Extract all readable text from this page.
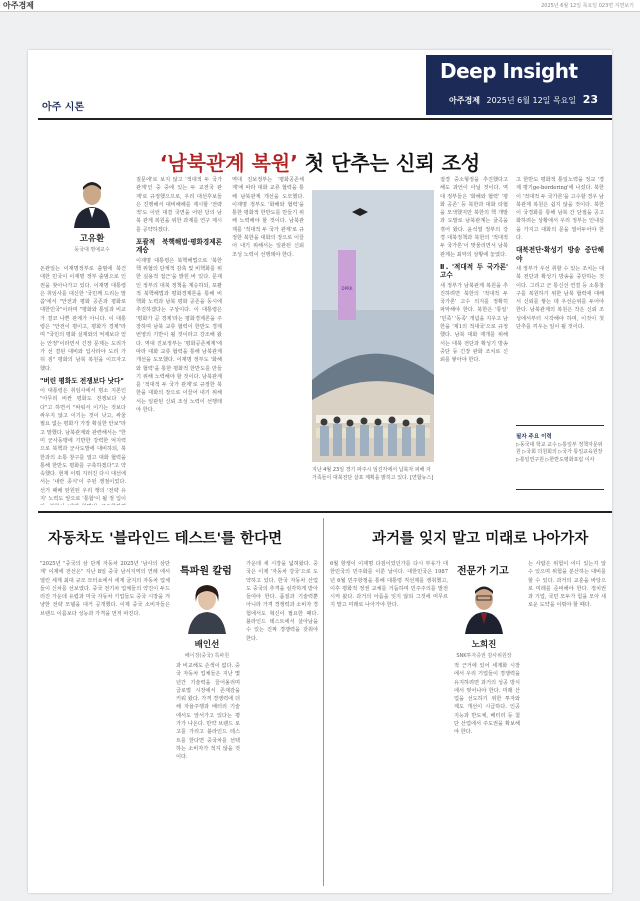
아주경제	2025년 6월 12일 목요일 023면 지면보기
Deep Insight
아주경제 2025년 6월 12일 목요일 23
아주 시론
‘남북관계 복원’ 첫 단추는 신뢰 조성
고유환
동국대 명예교수
돈관일는 이재명정부로 출범에 북건 대한 민국이 이재명 정부 출범으로 인권을 찾아나가고 있다. 이재명 대통령은 취임사를 대신한 '국민께 드리는 말씀'에서 "안전과 평화 공존과 평화로 대한민국"이라며 "평화와 통일과 비교가 결코 나쁜 관계가 아니다. 이 대통령은 "안전이 평이고, 평화가 경제"라며 "국민의 평화 실재와의 억제보다 얻는 안정"이라면서 긴장 문제는 도리가 가 선 결된 대비와 입사라야 도리 가 뒤 짐" 평화의 남북 복원을 이끄자고 했다.
"버린 평화도 전쟁보다 낫다"
이 대통령은 취임사에서 평소 지론인 "아무리 비싼 평화도 전쟁보다 낫다"고 하면서 "싸워서 이기는 것보다 싸우지 않고 이기는 것이 낫고, 싸울 필요 없는 평화가 가장 확실한 안보"라고 말했다. 남북관계와 관련해서는 "한미 군사동맹에 기반한 강력한 억지력으로 북핵과 군사도발에 대비하되, 북한과의 소통 창구를 열고 대화 협력을 통해 한반도 평화를 구축하겠다"고 약속했다. 현재 이뤄 지러진 다시 대선에서는 '내란 종식'이 주된 쟁점이었다. 선거 패배 탄원된 우리 행의 '전략 유지' 노력도 앞으로 '통합'이 될 정 입이
질문에'로 보지 않고 '적대적 두 국가관계'인 중 중에 있는 두 교전국 관계'로 규정했으므로, 우리 대선후보들은 진행해서 대비해해를 제시할 '전략적'도 이런 대결 국면을 어떤 당의 남북 관계 복원을 위한 과제를 연구 제시를 공약하겠다.
포괄적 북핵해법·평화경제론 계승
이재명 대통령은 북핵해법으로 '북한 핵 위협의 단계적 감축 및 비핵화를 위한 실용적 접근'을 밝힌 바 있다. 문재인 정부의 대북 정책을 계승하되, 포괄적 북핵해법과 평화경제론을 통해 비핵화 노력과 남북 평화 공존을 동시에 추진하겠다는 구상이다. 이 대통령은 '평화가 곧 경제'라는 평화경제론을 주장하며 남북 교류 협력이 한반도 경제 번영의 기반이 될 것이라고 강조해 왔다. 역대 진보정부는 '평화공존체계'에 따라 대화 교류 협력을 통해 남북관계 개선을 도모했다. 이재명 정부도 '화해와 협력'을 통한 평화적 한반도를 만들기 위해 노력해야 할 것이다. 남북관계를 '적대적 두 국가 관계'로 규정한 북한을 대화의 장으로 이끌어 내기 위해서는 일관된 신뢰 조성 노력이 선행돼야 한다.
역대 진보정부는 '평화공존체계'에 따라 대화 교류 협력을 통해 남북관계 개선을 도모했다. 이재명 정부도 '화해와 협력'을 통한 평화적 한반도를 만들기 위해 노력해야 할 것이다. 남북관계를 '적대적 두 국가 관계'로 규정한 북한을 대화의 장으로 이끌어 내기 위해서는 일관된 신뢰 조성 노력이 선행돼야 한다.
DPRK
지난 4월 23일 경기 파주시 임진각에서 납북자 피해 자 가족들이 대북전단 살포 계획을 밝히고 있다. [연합뉴스]
접경 중소형정을 추진했다고 해도 과언이 아닐 것이다. 역대 정부들은 '화해와 협력' '평화 공존' 등 북한과 대화 타협을 모색했지만 북한의 핵 개발과 도발로 남북관계는 굴곡을 겪어 왔다. 윤석열 정부의 강경 대북정책과 북한의 '적대적 두 국가론'이 맞물리면서 남북관계는 최악의 상황에 놓였다.
Ⅱ. '적대적 두 국가론' 고수
새 정부가 남북관계 복원을 추진하려면 북한의 '적대적 두 국가론' 고수 의지를 정확히 파악해야 한다. 북한은 '통일' '민족' '동족' 개념을 지우고 남한을 '제1의 적대국'으로 규정했다. 남북 대화 재개를 위해서는 대북 전단과 확성기 방송 중단 등 긴장 완화 조치로 신뢰를 쌓아야 한다.
고 한반도 평화적 통일노력을 정교 '경제 평기ge-bordering'에 나섰다. 북한이 '적대적 두 국가론'을 고수할 경우 남북관계 복원은 쉽지 않을 것이다. 북한이 국경화를 통해 남북 간 단절을 공고화하려는 상황에서 우리 정부는 인내심을 가지고 대화의 문을 열어두어야 한다.
대북전단·확성기 방송 중단해야
새 정부가 우선 취할 수 있는 조치는 대북 전단과 확성기 방송을 중단하는 것이다. 그리고 군 통신선 연결 등 소통창구를 복원하기 위한 남북 협력에 대해서 신뢰를 쌓는 데 우선순위를 두어야 한다. 남북관계의 복원은 작은 신뢰 조성에서부터 시작해야 하며, 이것이 첫 단추를 끼우는 일이 될 것이다.
필자 주요 이력
▷동국대 학교 교수 ▷통일부 정책자문위원 ▷국회 의원회의 ▷국가 통일교육원장 ▷통일연구원 ▷한반도평화포럼 이사
자동차도 '블라인드 테스트'를 한다면
특파원 칼럼
배인선
베이징(중국) 특파원
"2025년 "중국의 삼 단계 자동차 2025년 '남사의 삼단계' 이제에 전선은" 지난 8일 중국 남서지역의 연례 에서 열린 세계 최대 규모 모터쇼에서 세계 굴지의 자동차 업체들이 신차를 선보였다. 중국 전기차 업체들의 약진이 두드러진 가운데 유럽과 미국 자동차 기업들도 중국 시장을 겨냥한 전략 모델을 대거 공개했다. 이제 중국 소비자들은 브랜드 이름보다 성능과 가격을 먼저 따진다.
과 비교해도 손색이 없다. 중국 자동차 업체들은 지난 몇 년간 기술력을 끌어올리며 글로벌 시장에서 존재감을 키워 왔다. 가격 경쟁력에 더해 자율주행과 배터리 기술에서도 앞서가고 있다는 평가가 나온다. 만약 브랜드 로고를 가리고 블라인드 테스트를 한다면 중국차를 선택하는 소비자가 적지 않을 것이다.
가운데 새 시장을 넓혀왔다. 중국은 이제 '자동차 강국'으로 도약하고 있다. 한국 자동차 산업도 중국의 추격을 심각하게 받아들여야 한다. 품질과 기술력뿐 아니라 가격 경쟁력과 소비자 경험에서도 혁신이 필요한 때다. 블라인드 테스트에서 살아남을 수 있는 진짜 경쟁력을 갖춰야 한다.
과거를 잊지 말고 미래로 나아가자
전문가 기고
노희진
SNK투자증권 감사위원장
6월 항쟁이 이재명 다짐이었던가를 다시 부유가 대한민국의 민주화를 이룬 날이다. 대한민국은 1987년 6월 민주항쟁을 통해 대통령 직선제를 쟁취했고, 이후 평화적 정권 교체를 거듭하며 민주주의를 발전시켜 왔다. 과거의 아픔을 잊지 않되 그것에 머무르지 말고 미래로 나아가야 한다.
적 근거에 있어 세계화 시장에서 우리 기업들이 경쟁력을 유지하려면 과거의 성공 방식에서 벗어나야 한다. 미래 산업을 선도하기 위한 투자와 제도 개선이 시급하다. 인공지능과 반도체, 배터리 등 첨단 산업에서 주도권을 확보해야 한다.
는 사람은 위험이 어디 있는지 알 수 있으며 위험을 분산하는 대비를 할 수 있다. 과거의 교훈을 바탕으로 미래를 준비해야 한다. 정치권과 기업, 국민 모두가 힘을 모아 새로운 도약을 이뤄야 할 때다.
